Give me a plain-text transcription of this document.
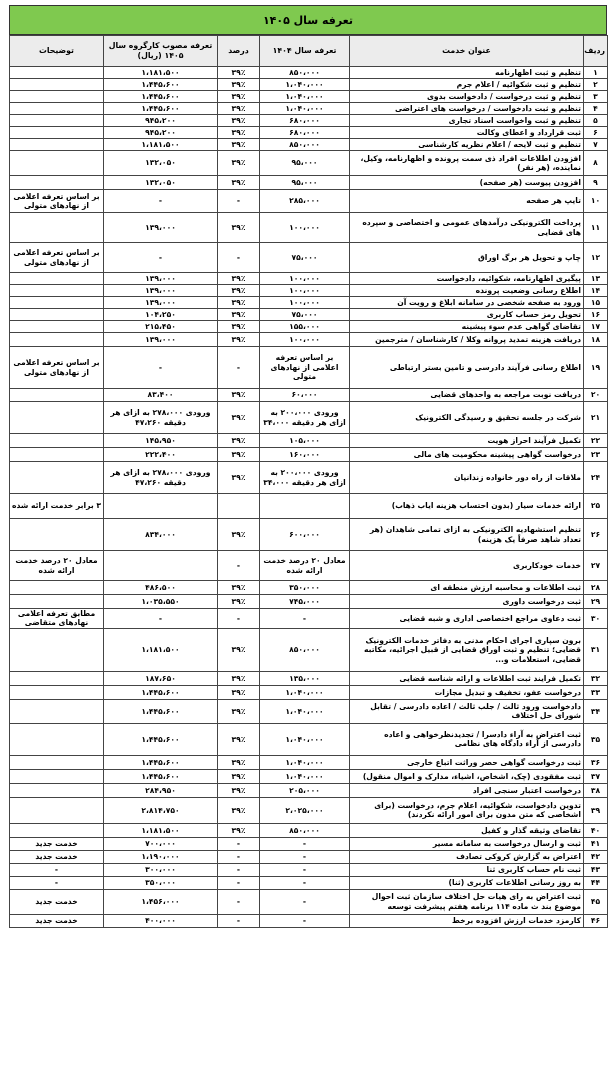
تعرفه سال ۱۴۰۵
ردیف	عنوان خدمت	تعرفه سال ۱۴۰۴	درصد	تعرفه مصوب کارگروه سال ۱۴۰۵ (ریال)	توضیحات
۱	تنظیم و ثبت اظهارنامه	۸۵۰،۰۰۰	۳۹٪	۱،۱۸۱،۵۰۰	
۲	تنظیم و ثبت شکوائیه / اعلام جرم	۱،۰۴۰،۰۰۰	۳۹٪	۱،۴۴۵،۶۰۰	
۳	تنظیم و ثبت درخواست / دادخواست بدوی	۱،۰۴۰،۰۰۰	۳۹٪	۱،۴۴۵،۶۰۰	
۴	تنظیم و ثبت دادخواست / درخواست های اعتراضی	۱،۰۴۰،۰۰۰	۳۹٪	۱،۴۴۵،۶۰۰	
۵	تنظیم و ثبت واخواست اسناد تجاری	۶۸۰،۰۰۰	۳۹٪	۹۴۵،۲۰۰	
۶	ثبت قرارداد و اعطای وکالت	۶۸۰،۰۰۰	۳۹٪	۹۴۵،۲۰۰	
۷	تنظیم و ثبت لایحه / اعلام نظریه کارشناسی	۸۵۰،۰۰۰	۳۹٪	۱،۱۸۱،۵۰۰	
۸	افزودن اطلاعات افراد ذی سمت پرونده و اظهارنامه، وکیل، نماینده، (هر نفر)	۹۵،۰۰۰	۳۹٪	۱۳۲،۰۵۰	
۹	افزودن پیوست (هر صفحه)	۹۵،۰۰۰	۳۹٪	۱۳۲،۰۵۰	
۱۰	تایپ هر صفحه	۲۸۵،۰۰۰	-	-	بر اساس تعرفه اعلامی از نهادهای متولی
۱۱	پرداخت الکترونیکی درآمدهای عمومی و اختصاصی و سپرده های قضایی	۱۰۰،۰۰۰	۳۹٪	۱۳۹،۰۰۰	
۱۲	چاپ و تحویل هر برگ اوراق	۷۵،۰۰۰	-	-	بر اساس تعرفه اعلامی از نهادهای متولی
۱۳	پیگیری اظهارنامه، شکوائیه، دادخواست	۱۰۰،۰۰۰	۳۹٪	۱۳۹،۰۰۰	
۱۴	اطلاع رسانی وضعیت پرونده	۱۰۰،۰۰۰	۳۹٪	۱۳۹،۰۰۰	
۱۵	ورود به صفحه شخصی در سامانه ابلاغ و رویت آن	۱۰۰،۰۰۰	۳۹٪	۱۳۹،۰۰۰	
۱۶	تحویل رمز حساب کاربری	۷۵،۰۰۰	۳۹٪	۱۰۴،۲۵۰	
۱۷	تقاضای گواهی عدم سوء پیشینه	۱۵۵،۰۰۰	۳۹٪	۲۱۵،۴۵۰	
۱۸	دریافت هزینه تمدید پروانه وکلا / کارشناسان / مترجمین	۱۰۰،۰۰۰	۳۹٪	۱۳۹،۰۰۰	
۱۹	اطلاع رسانی فرآیند دادرسی و تامین بستر ارتباطی	بر اساس تعرفه اعلامی از نهادهای متولی	-	-	بر اساس تعرفه اعلامی از نهادهای متولی
۲۰	دریافت نوبت مراجعه به واحدهای قضایی	۶۰،۰۰۰	۳۹٪	۸۳،۴۰۰	
۲۱	شرکت در جلسه تحقیق و رسیدگی الکترونیک	ورودی ۲۰۰،۰۰۰ به ازای هر دقیقه ۳۴،۰۰۰	۳۹٪	ورودی ۲۷۸،۰۰۰ به ازای هر دقیقه ۴۷،۲۶۰	
۲۲	تکمیل فرآیند احراز هویت	۱۰۵،۰۰۰	۳۹٪	۱۴۵،۹۵۰	
۲۳	درخواست گواهی پیشینه محکومیت های مالی	۱۶۰،۰۰۰	۳۹٪	۲۲۲،۴۰۰	
۲۴	ملاقات از راه دور خانواده زندانیان	ورودی ۲۰۰،۰۰۰ به ازای هر دقیقه ۳۴،۰۰۰	۳۹٪	ورودی ۲۷۸،۰۰۰ به ازای هر دقیقه ۴۷،۲۶۰	
۲۵	ارائه خدمات سیار (بدون احتساب هزینه ایاب ذهاب)				۳ برابر خدمت ارائه شده
۲۶	تنظیم استشهادیه الکترونیکی به ازای تمامی شاهدان (هر تعداد شاهد صرفاً یک هزینه)	۶۰۰،۰۰۰	۳۹٪	۸۳۴،۰۰۰	
۲۷	خدمات خودکاربری	معادل ۲۰ درصد خدمت ارائه شده	-		معادل ۲۰ درصد خدمت ارائه شده
۲۸	ثبت اطلاعات و محاسبه ارزش منطقه ای	۳۵۰،۰۰۰	۳۹٪	۴۸۶،۵۰۰	
۲۹	ثبت درخواست داوری	۷۴۵،۰۰۰	۳۹٪	۱،۰۳۵،۵۵۰	
۳۰	ثبت دعاوی مراجع اختصاصی اداری و شبه قضایی	-	-	-	مطابق تعرفه اعلامی نهادهای متقاضی
۳۱	برون سپاری اجرای احکام مدنی به دفاتر خدمات الکترونیک قضایی؛ تنظیم و ثبت اوراق قضایی از قبیل اجرائیه، مکاتبه قضایی، استعلامات و...	۸۵۰،۰۰۰	۳۹٪	۱،۱۸۱،۵۰۰	
۳۲	تکمیل فرایند ثبت اطلاعات و ارائه شناسه قضایی	۱۳۵،۰۰۰	۳۹٪	۱۸۷،۶۵۰	
۳۳	درخواست عفو، تخفیف و تبدیل مجازات	۱،۰۴۰،۰۰۰	۳۹٪	۱،۴۴۵،۶۰۰	
۳۴	دادخواست ورود ثالث / جلب ثالث / اعاده دادرسی / تقابل شورای حل اختلاف	۱،۰۴۰،۰۰۰	۳۹٪	۱،۴۴۵،۶۰۰	
۳۵	ثبت اعتراض به آراء دادسرا / تجدیدنظرخواهی و اعاده دادرسی از آراء دادگاه های نظامی	۱،۰۴۰،۰۰۰	۳۹٪	۱،۴۴۵،۶۰۰	
۳۶	ثبت درخواست گواهی حصر وراثت اتباع خارجی	۱،۰۴۰،۰۰۰	۳۹٪	۱،۴۴۵،۶۰۰	
۳۷	ثبت مفقودی (چک، اشخاص، اشیاء، مدارک و اموال منقول)	۱،۰۴۰،۰۰۰	۳۹٪	۱،۴۴۵،۶۰۰	
۳۸	درخواست اعتبار سنجی افراد	۲۰۵،۰۰۰	۳۹٪	۲۸۴،۹۵۰	
۳۹	تدوین دادخواست، شکوائیه، اعلام جرم، درخواست (برای اشخاصی که متن مدون برای امور ارائه نکردند)	۲،۰۲۵،۰۰۰	۳۹٪	۲،۸۱۴،۷۵۰	
۴۰	تقاضای وثیقه گذار و کفیل	۸۵۰،۰۰۰	۳۹٪	۱،۱۸۱،۵۰۰	
۴۱	ثبت و ارسال درخواست به سامانه مسیر	-	-	۷۰۰،۰۰۰	خدمت جدید
۴۲	اعتراض به گزارش کروکی تصادف	-	-	۱،۱۹۰،۰۰۰	خدمت جدید
۴۳	ثبت نام حساب کاربری ثنا	-	-	۳۰۰،۰۰۰	-
۴۴	به روز رسانی اطلاعات کاربری (ثنا)	-	-	۳۵۰،۰۰۰	-
۴۵	ثبت اعتراض به رای هیات حل اختلاف سازمان ثبت احوال موضوع بند ث ماده ۱۱۴ برنامه هفتم پیشرفت توسعه	-	-	۱،۴۵۶،۰۰۰	خدمت جدید
۴۶	کارمزد خدمات ارزش افزوده برخط	-	-	۴۰۰،۰۰۰	خدمت جدید
